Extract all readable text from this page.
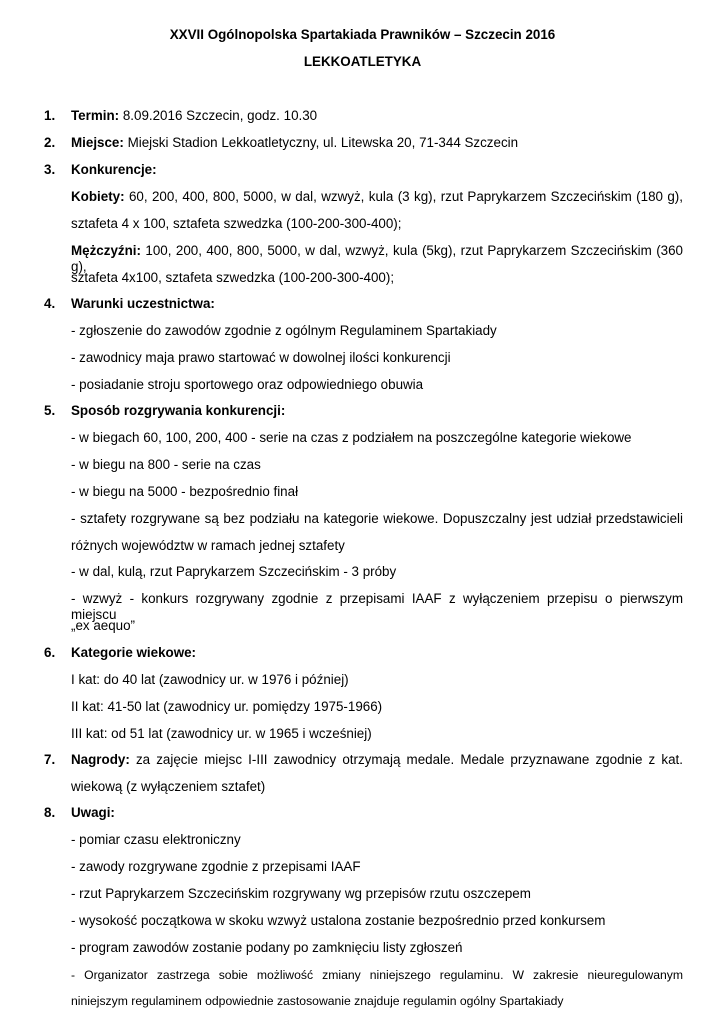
XXVII Ogólnopolska Spartakiada Prawników – Szczecin 2016
LEKKOATLETYKA
1. Termin: 8.09.2016 Szczecin, godz. 10.30
2. Miejsce: Miejski Stadion Lekkoatletyczny, ul. Litewska 20, 71-344 Szczecin
3. Konkurencje:
Kobiety: 60, 200, 400, 800, 5000, w dal, wzwyż, kula (3 kg), rzut Paprykarzem Szczecińskim (180 g),
sztafeta 4 x 100, sztafeta szwedzka (100-200-300-400);
Mężczyźni: 100, 200, 400, 800, 5000, w dal, wzwyż, kula (5kg), rzut Paprykarzem Szczecińskim (360 g),
sztafeta 4x100, sztafeta szwedzka (100-200-300-400);
4. Warunki uczestnictwa:
- zgłoszenie do zawodów zgodnie z ogólnym Regulaminem Spartakiady
- zawodnicy maja prawo startować w dowolnej ilości konkurencji
- posiadanie stroju sportowego oraz odpowiedniego obuwia
5. Sposób rozgrywania konkurencji:
- w biegach 60, 100, 200, 400 - serie na czas z podziałem na poszczególne kategorie wiekowe
- w biegu na 800 - serie na czas
- w biegu na 5000 - bezpośrednio finał
- sztafety rozgrywane są bez podziału na kategorie wiekowe. Dopuszczalny jest udział przedstawicieli
różnych województw w ramach jednej sztafety
- w dal, kulą, rzut Paprykarzem Szczecińskim - 3 próby
- wzwyż - konkurs rozgrywany zgodnie z przepisami IAAF z wyłączeniem przepisu o pierwszym miejscu
„ex aequo”
6. Kategorie wiekowe:
I kat: do 40 lat (zawodnicy ur. w 1976 i później)
II kat: 41-50 lat (zawodnicy ur. pomiędzy 1975-1966)
III kat: od 51 lat (zawodnicy ur. w 1965 i wcześniej)
7. Nagrody: za zajęcie miejsc I-III zawodnicy otrzymają medale. Medale przyznawane zgodnie z kat.
wiekową (z wyłączeniem sztafet)
8. Uwagi:
- pomiar czasu elektroniczny
- zawody rozgrywane zgodnie z przepisami IAAF
- rzut Paprykarzem Szczecińskim rozgrywany wg przepisów rzutu oszczepem
- wysokość początkowa w skoku wzwyż ustalona zostanie bezpośrednio przed konkursem
- program zawodów zostanie podany po zamknięciu listy zgłoszeń
- Organizator zastrzega sobie możliwość zmiany niniejszego regulaminu. W zakresie nieuregulowanym
niniejszym regulaminem odpowiednie zastosowanie znajduje regulamin ogólny Spartakiady
